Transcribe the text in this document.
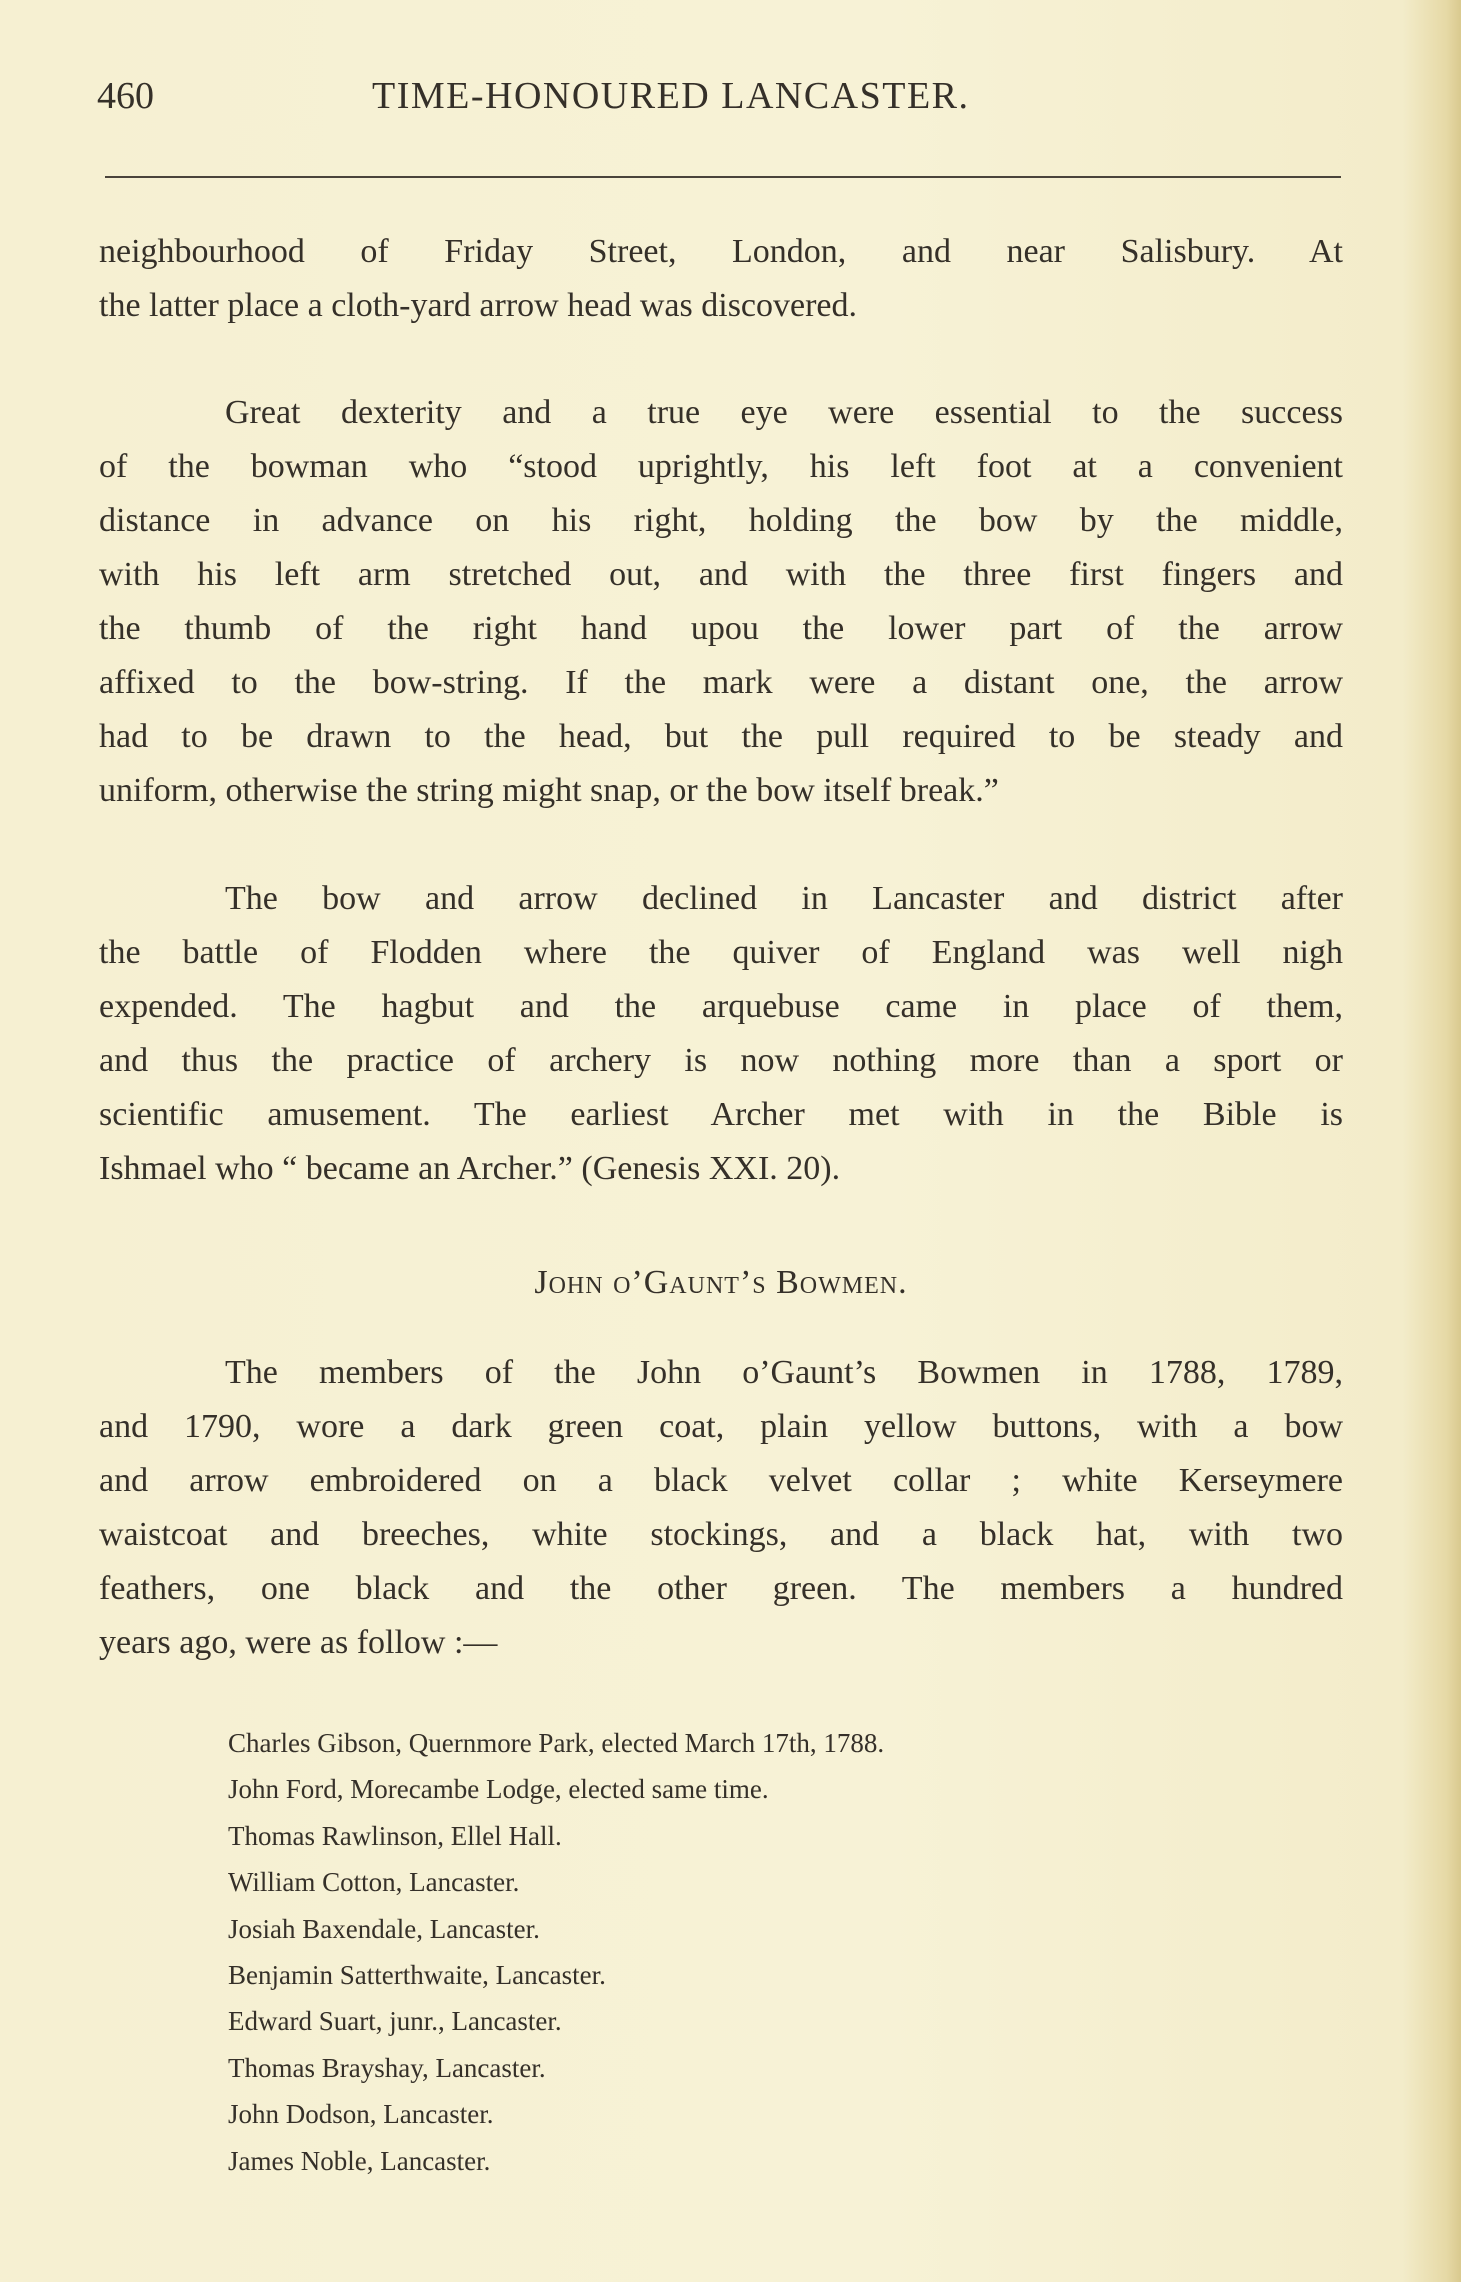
460	TIME-HONOURED LANCASTER.
neighbourhood of Friday Street, London, and near Salisbury. At
the latter place a cloth-yard arrow head was discovered.
Great dexterity and a true eye were essential to the success
of the bowman who “stood uprightly, his left foot at a convenient
distance in advance on his right, holding the bow by the middle,
with his left arm stretched out, and with the three first fingers and
the thumb of the right hand upou the lower part of the arrow
affixed to the bow-string. If the mark were a distant one, the arrow
had to be drawn to the head, but the pull required to be steady and
uniform, otherwise the string might snap, or the bow itself break.”
The bow and arrow declined in Lancaster and district after
the battle of Flodden where the quiver of England was well nigh
expended. The hagbut and the arquebuse came in place of them,
and thus the practice of archery is now nothing more than a sport or
scientific amusement. The earliest Archer met with in the Bible is
Ishmael who “ became an Archer.” (Genesis XXI. 20).
John o’Gaunt’s Bowmen.
The members of the John o’Gaunt’s Bowmen in 1788, 1789,
and 1790, wore a dark green coat, plain yellow buttons, with a bow
and arrow embroidered on a black velvet collar ; white Kerseymere
waistcoat and breeches, white stockings, and a black hat, with two
feathers, one black and the other green. The members a hundred
years ago, were as follow :—
Charles Gibson, Quernmore Park, elected March 17th, 1788.
John Ford, Morecambe Lodge, elected same time.
Thomas Rawlinson, Ellel Hall.
William Cotton, Lancaster.
Josiah Baxendale, Lancaster.
Benjamin Satterthwaite, Lancaster.
Edward Suart, junr., Lancaster.
Thomas Brayshay, Lancaster.
John Dodson, Lancaster.
James Noble, Lancaster.
